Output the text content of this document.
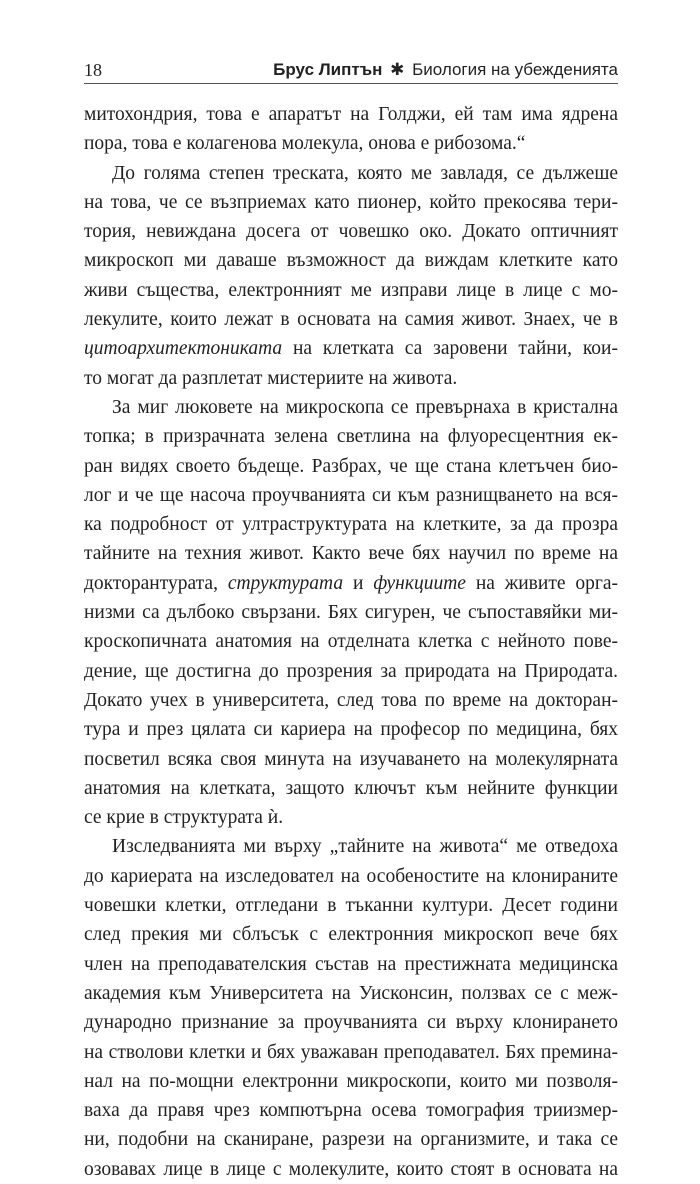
18	Брус Липтън ✱ Биология на убежденията
митохондрия, това е апаратът на Голджи, ей там има ядрена
пора, това е колагенова молекула, онова е рибозома.“
До голяма степен треската, която ме завладя, се дължеше
на това, че се възприемах като пионер, който прекосява тери-
тория, невиждана досега от човешко око. Докато оптичният
микроскоп ми даваше възможност да виждам клетките като
живи същества, електронният ме изправи лице в лице с мо-
лекулите, които лежат в основата на самия живот. Знаех, че в
цитоархитектониката на клетката са заровени тайни, кои-
то могат да разплетат мистериите на живота.
За миг люковете на микроскопа се превърнаха в кристална
топка; в призрачната зелена светлина на флуоресцентния ек-
ран видях своето бъдеще. Разбрах, че ще стана клетъчен био-
лог и че ще насоча проучванията си към разнищването на вся-
ка подробност от ултраструктурата на клетките, за да прозра
тайните на техния живот. Както вече бях научил по време на
докторантурата, структурата и функциите на живите орга-
низми са дълбоко свързани. Бях сигурен, че съпоставяйки ми-
кроскопичната анатомия на отделната клетка с нейното пове-
дение, ще достигна до прозрения за природата на Природата.
Докато учех в университета, след това по време на докторан-
тура и през цялата си кариера на професор по медицина, бях
посветил всяка своя минута на изучаването на молекулярната
анатомия на клетката, защото ключът към нейните функции
се крие в структурата ѝ.
Изследванията ми върху „тайните на живота“ ме отведоха
до кариерата на изследовател на особеностите на клонираните
човешки клетки, отгледани в тъканни култури. Десет години
след прекия ми сблъсък с електронния микроскоп вече бях
член на преподавателския състав на престижната медицинска
академия към Университета на Уисконсин, ползвах се с меж-
дународно признание за проучванията си върху клонирането
на стволови клетки и бях уважаван преподавател. Бях премина-
нал на по-мощни електронни микроскопи, които ми позволя-
ваха да правя чрез компютърна осева томография триизмер-
ни, подобни на сканиране, разрези на организмите, и така се
озовавах лице в лице с молекулите, които стоят в основата на
